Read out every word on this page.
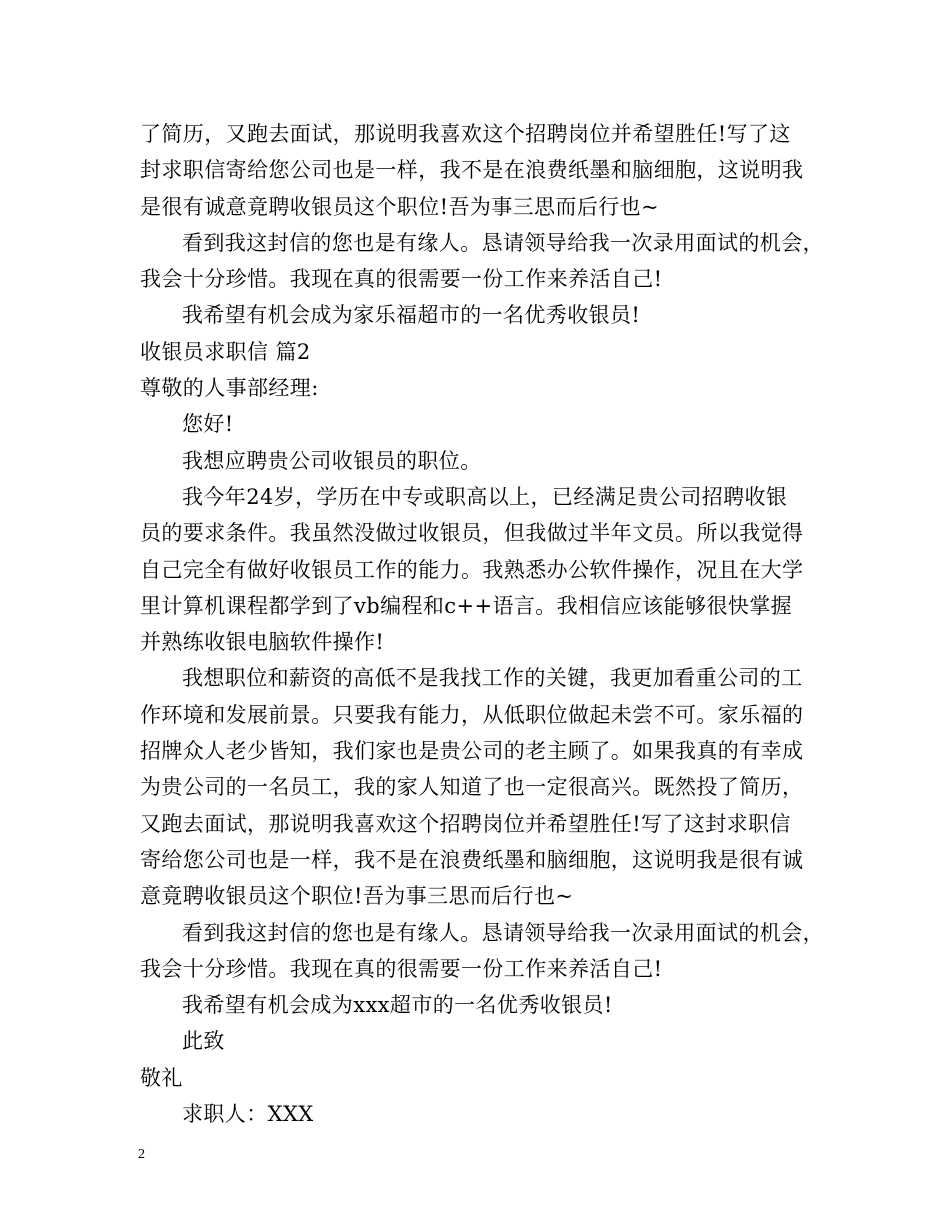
了简历，又跑去面试，那说明我喜欢这个招聘岗位并希望胜任!写了这
封求职信寄给您公司也是一样，我不是在浪费纸墨和脑细胞，这说明我
是很有诚意竟聘收银员这个职位!吾为事三思而后行也~
看到我这封信的您也是有缘人。恳请领导给我一次录用面试的机会，
我会十分珍惜。我现在真的很需要一份工作来养活自己!
我希望有机会成为家乐福超市的一名优秀收银员!
收银员求职信 篇2
尊敬的人事部经理:
您好!
我想应聘贵公司收银员的职位。
我今年24岁，学历在中专或职高以上，已经满足贵公司招聘收银
员的要求条件。我虽然没做过收银员，但我做过半年文员。所以我觉得
自己完全有做好收银员工作的能力。我熟悉办公软件操作，况且在大学
里计算机课程都学到了vb编程和c++语言。我相信应该能够很快掌握
并熟练收银电脑软件操作!
我想职位和薪资的高低不是我找工作的关键，我更加看重公司的工
作环境和发展前景。只要我有能力，从低职位做起未尝不可。家乐福的
招牌众人老少皆知，我们家也是贵公司的老主顾了。如果我真的有幸成
为贵公司的一名员工，我的家人知道了也一定很高兴。既然投了简历，
又跑去面试，那说明我喜欢这个招聘岗位并希望胜任!写了这封求职信
寄给您公司也是一样，我不是在浪费纸墨和脑细胞，这说明我是很有诚
意竟聘收银员这个职位!吾为事三思而后行也~
看到我这封信的您也是有缘人。恳请领导给我一次录用面试的机会，
我会十分珍惜。我现在真的很需要一份工作来养活自己!
我希望有机会成为xxx超市的一名优秀收银员!
此致
敬礼
求职人：XXX
2
